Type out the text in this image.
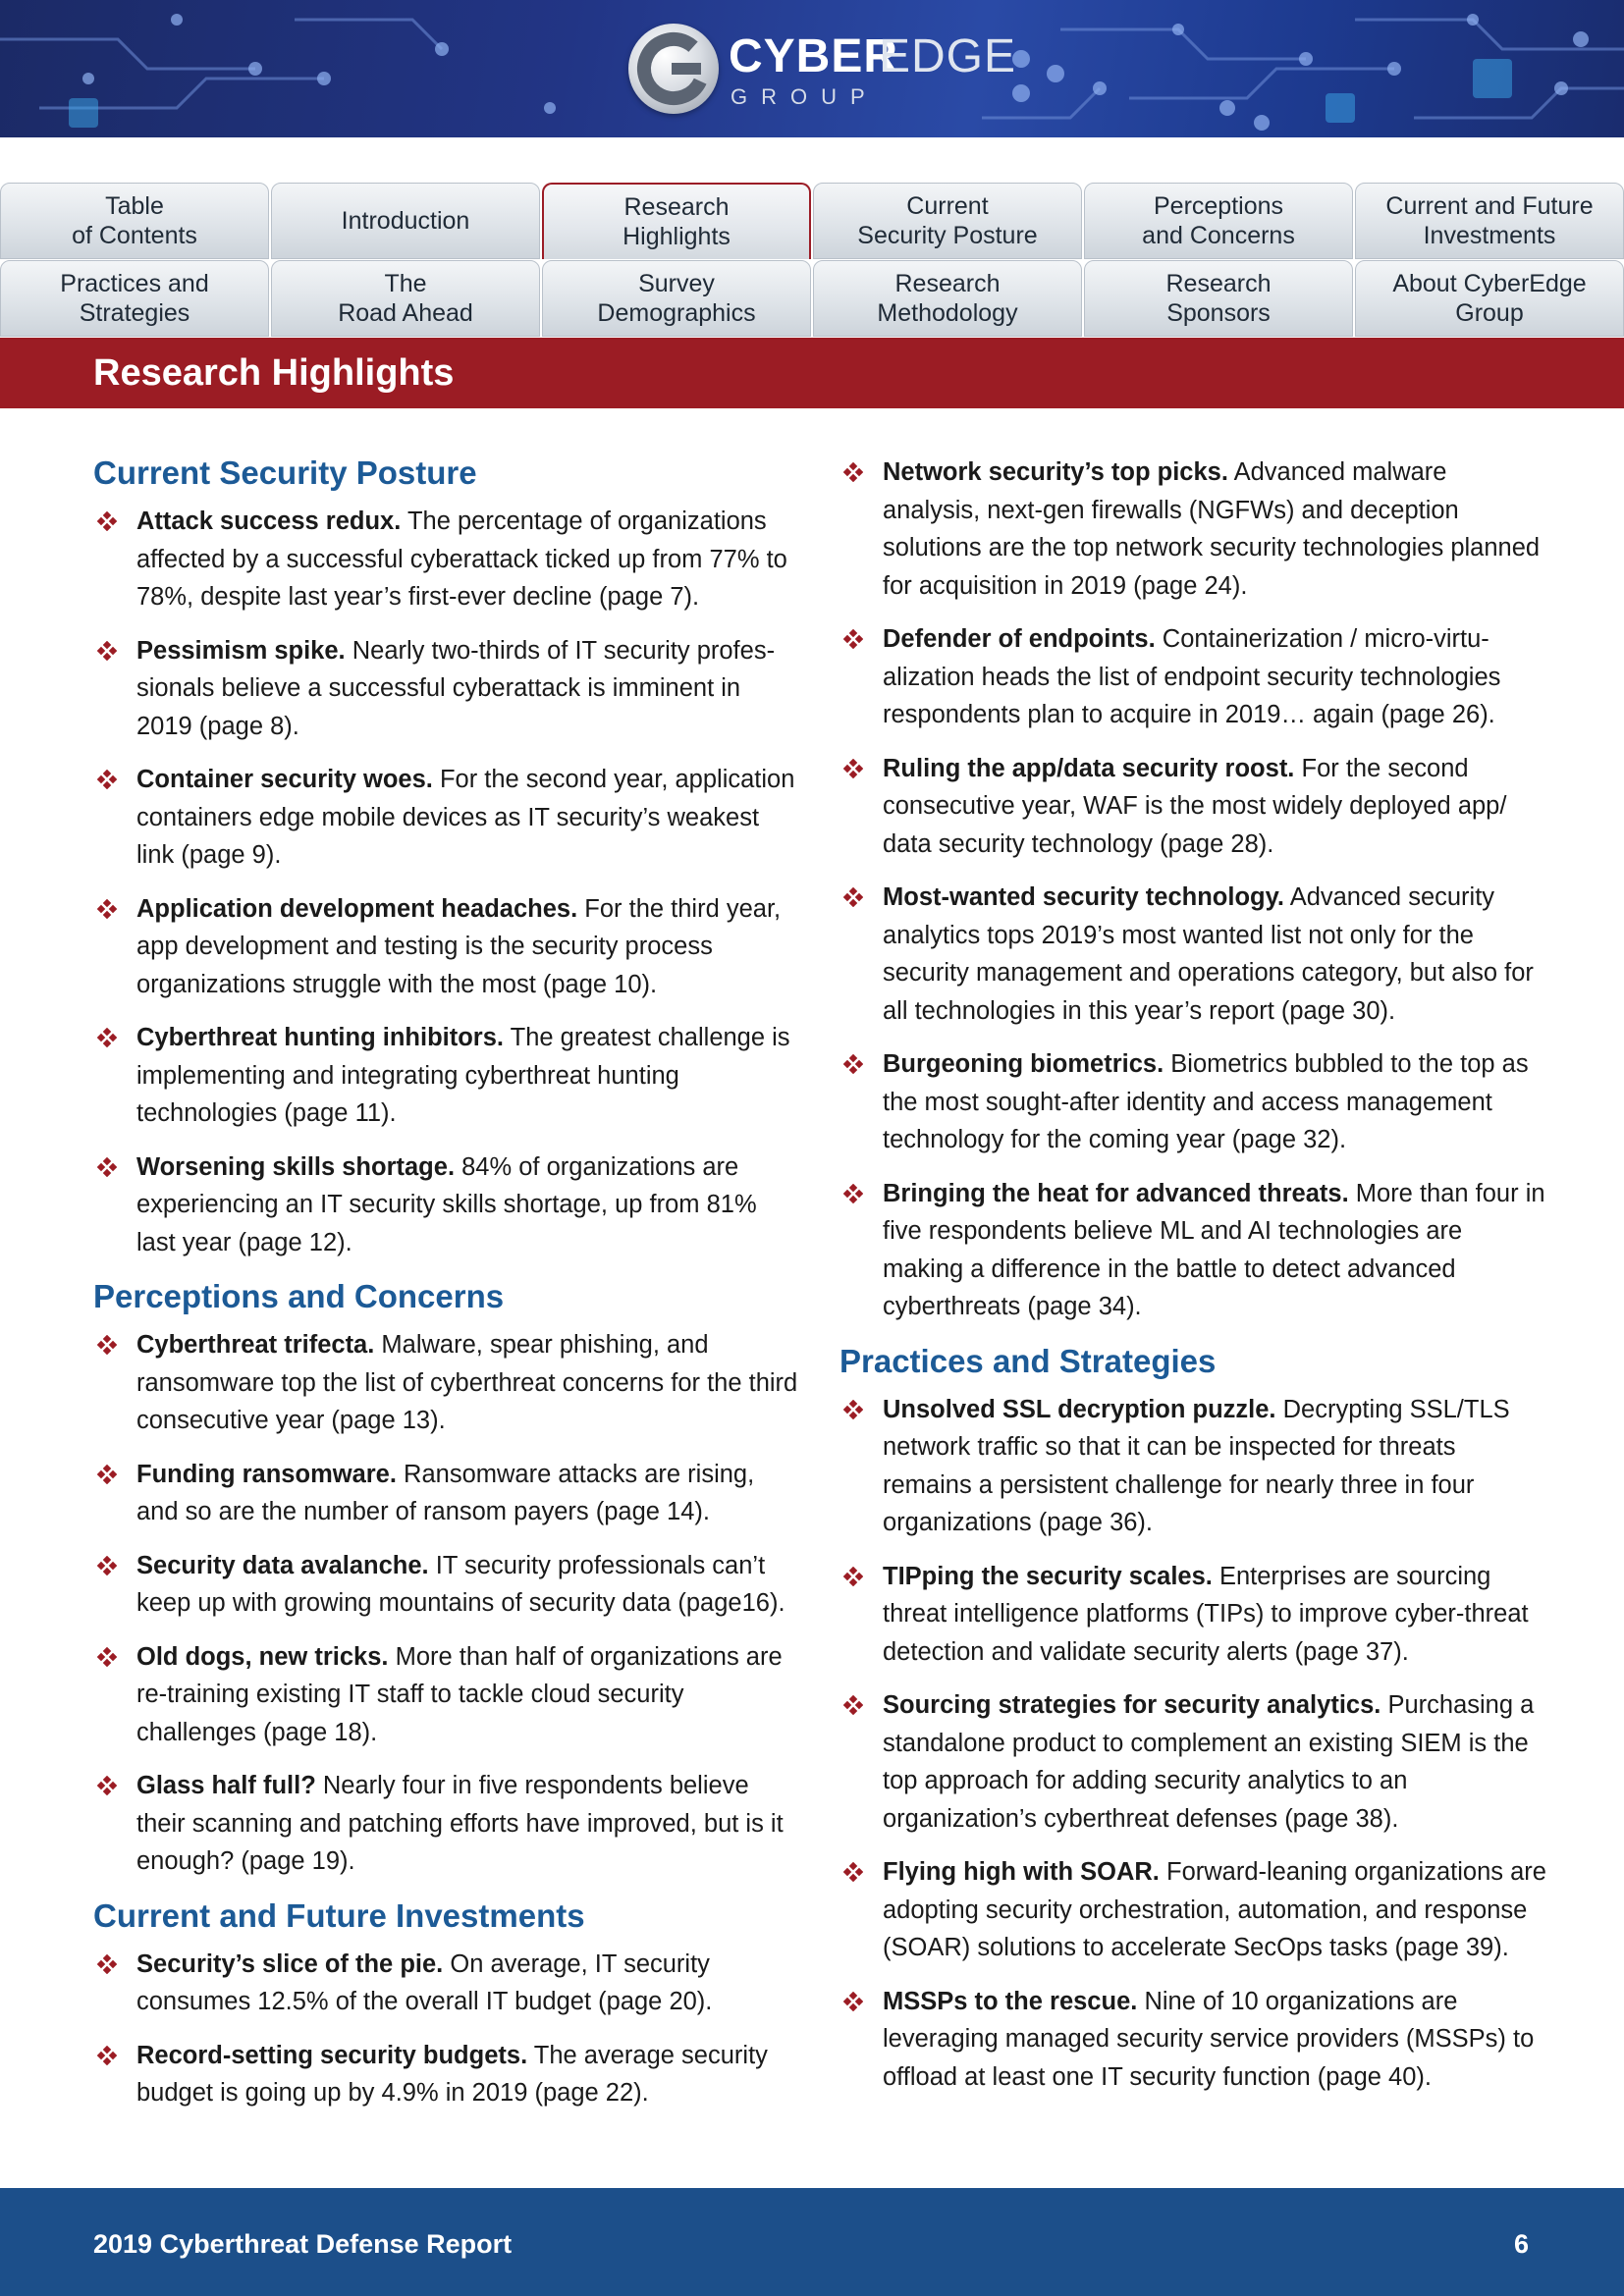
CYBER
EDGE
GROUP
Table
of Contents
Introduction	Research
Highlights
Current
Security Posture
Perceptions
and Concerns
Current and Future
Investments
Practices and
Strategies
The
Road Ahead
Survey
Demographics
Research
Methodology
Research
Sponsors
About CyberEdge
Group
Research Highlights
Current Security Posture
Attack success redux. The percentage of organizations affected by a successful cyberattack ticked up from 77% to 78%, despite last year’s first-ever decline (page 7).
Pessimism spike. Nearly two-thirds of IT security profes-sionals believe a successful cyberattack is imminent in 2019 (page 8).
Container security woes. For the second year, application containers edge mobile devices as IT security’s weakest link (page 9).
Application development headaches. For the third year, app development and testing is the security process organizations struggle with the most (page 10).
Cyberthreat hunting inhibitors. The greatest challenge is implementing and integrating cyberthreat hunting technologies (page 11).
Worsening skills shortage. 84% of organizations are experiencing an IT security skills shortage, up from 81% last year (page 12).
Perceptions and Concerns
Cyberthreat trifecta. Malware, spear phishing, and ransomware top the list of cyberthreat concerns for the third consecutive year (page 13).
Funding ransomware. Ransomware attacks are rising, and so are the number of ransom payers (page 14).
Security data avalanche. IT security professionals can’t keep up with growing mountains of security data (page16).
Old dogs, new tricks. More than half of organizations are re-training existing IT staff to tackle cloud security challenges (page 18).
Glass half full? Nearly four in five respondents believe their scanning and patching efforts have improved, but is it enough? (page 19).
Current and Future Investments
Security’s slice of the pie. On average, IT security consumes 12.5% of the overall IT budget (page 20).
Record-setting security budgets. The average security budget is going up by 4.9% in 2019 (page 22).
Network security’s top picks. Advanced malware analysis, next-gen firewalls (NGFWs) and deception solutions are the top network security technologies planned for acquisition in 2019 (page 24).
Defender of endpoints. Containerization / micro-virtu-alization heads the list of endpoint security technologies respondents plan to acquire in 2019… again (page 26).
Ruling the app/data security roost. For the second consecutive year, WAF is the most widely deployed app/ data security technology (page 28).
Most-wanted security technology. Advanced security analytics tops 2019’s most wanted list not only for the security management and operations category, but also for all technologies in this year’s report (page 30).
Burgeoning biometrics. Biometrics bubbled to the top as the most sought-after identity and access management technology for the coming year (page 32).
Bringing the heat for advanced threats. More than four in five respondents believe ML and AI technologies are making a difference in the battle to detect advanced cyberthreats (page 34).
Practices and Strategies
Unsolved SSL decryption puzzle. Decrypting SSL/TLS network traffic so that it can be inspected for threats remains a persistent challenge for nearly three in four organizations (page 36).
TIPping the security scales. Enterprises are sourcing threat intelligence platforms (TIPs) to improve cyber-threat detection and validate security alerts (page 37).
Sourcing strategies for security analytics. Purchasing a standalone product to complement an existing SIEM is the top approach for adding security analytics to an organization’s cyberthreat defenses (page 38).
Flying high with SOAR. Forward-leaning organizations are adopting security orchestration, automation, and response (SOAR) solutions to accelerate SecOps tasks (page 39).
MSSPs to the rescue. Nine of 10 organizations are leveraging managed security service providers (MSSPs) to offload at least one IT security function (page 40).
2019 Cyberthreat Defense Report	6
